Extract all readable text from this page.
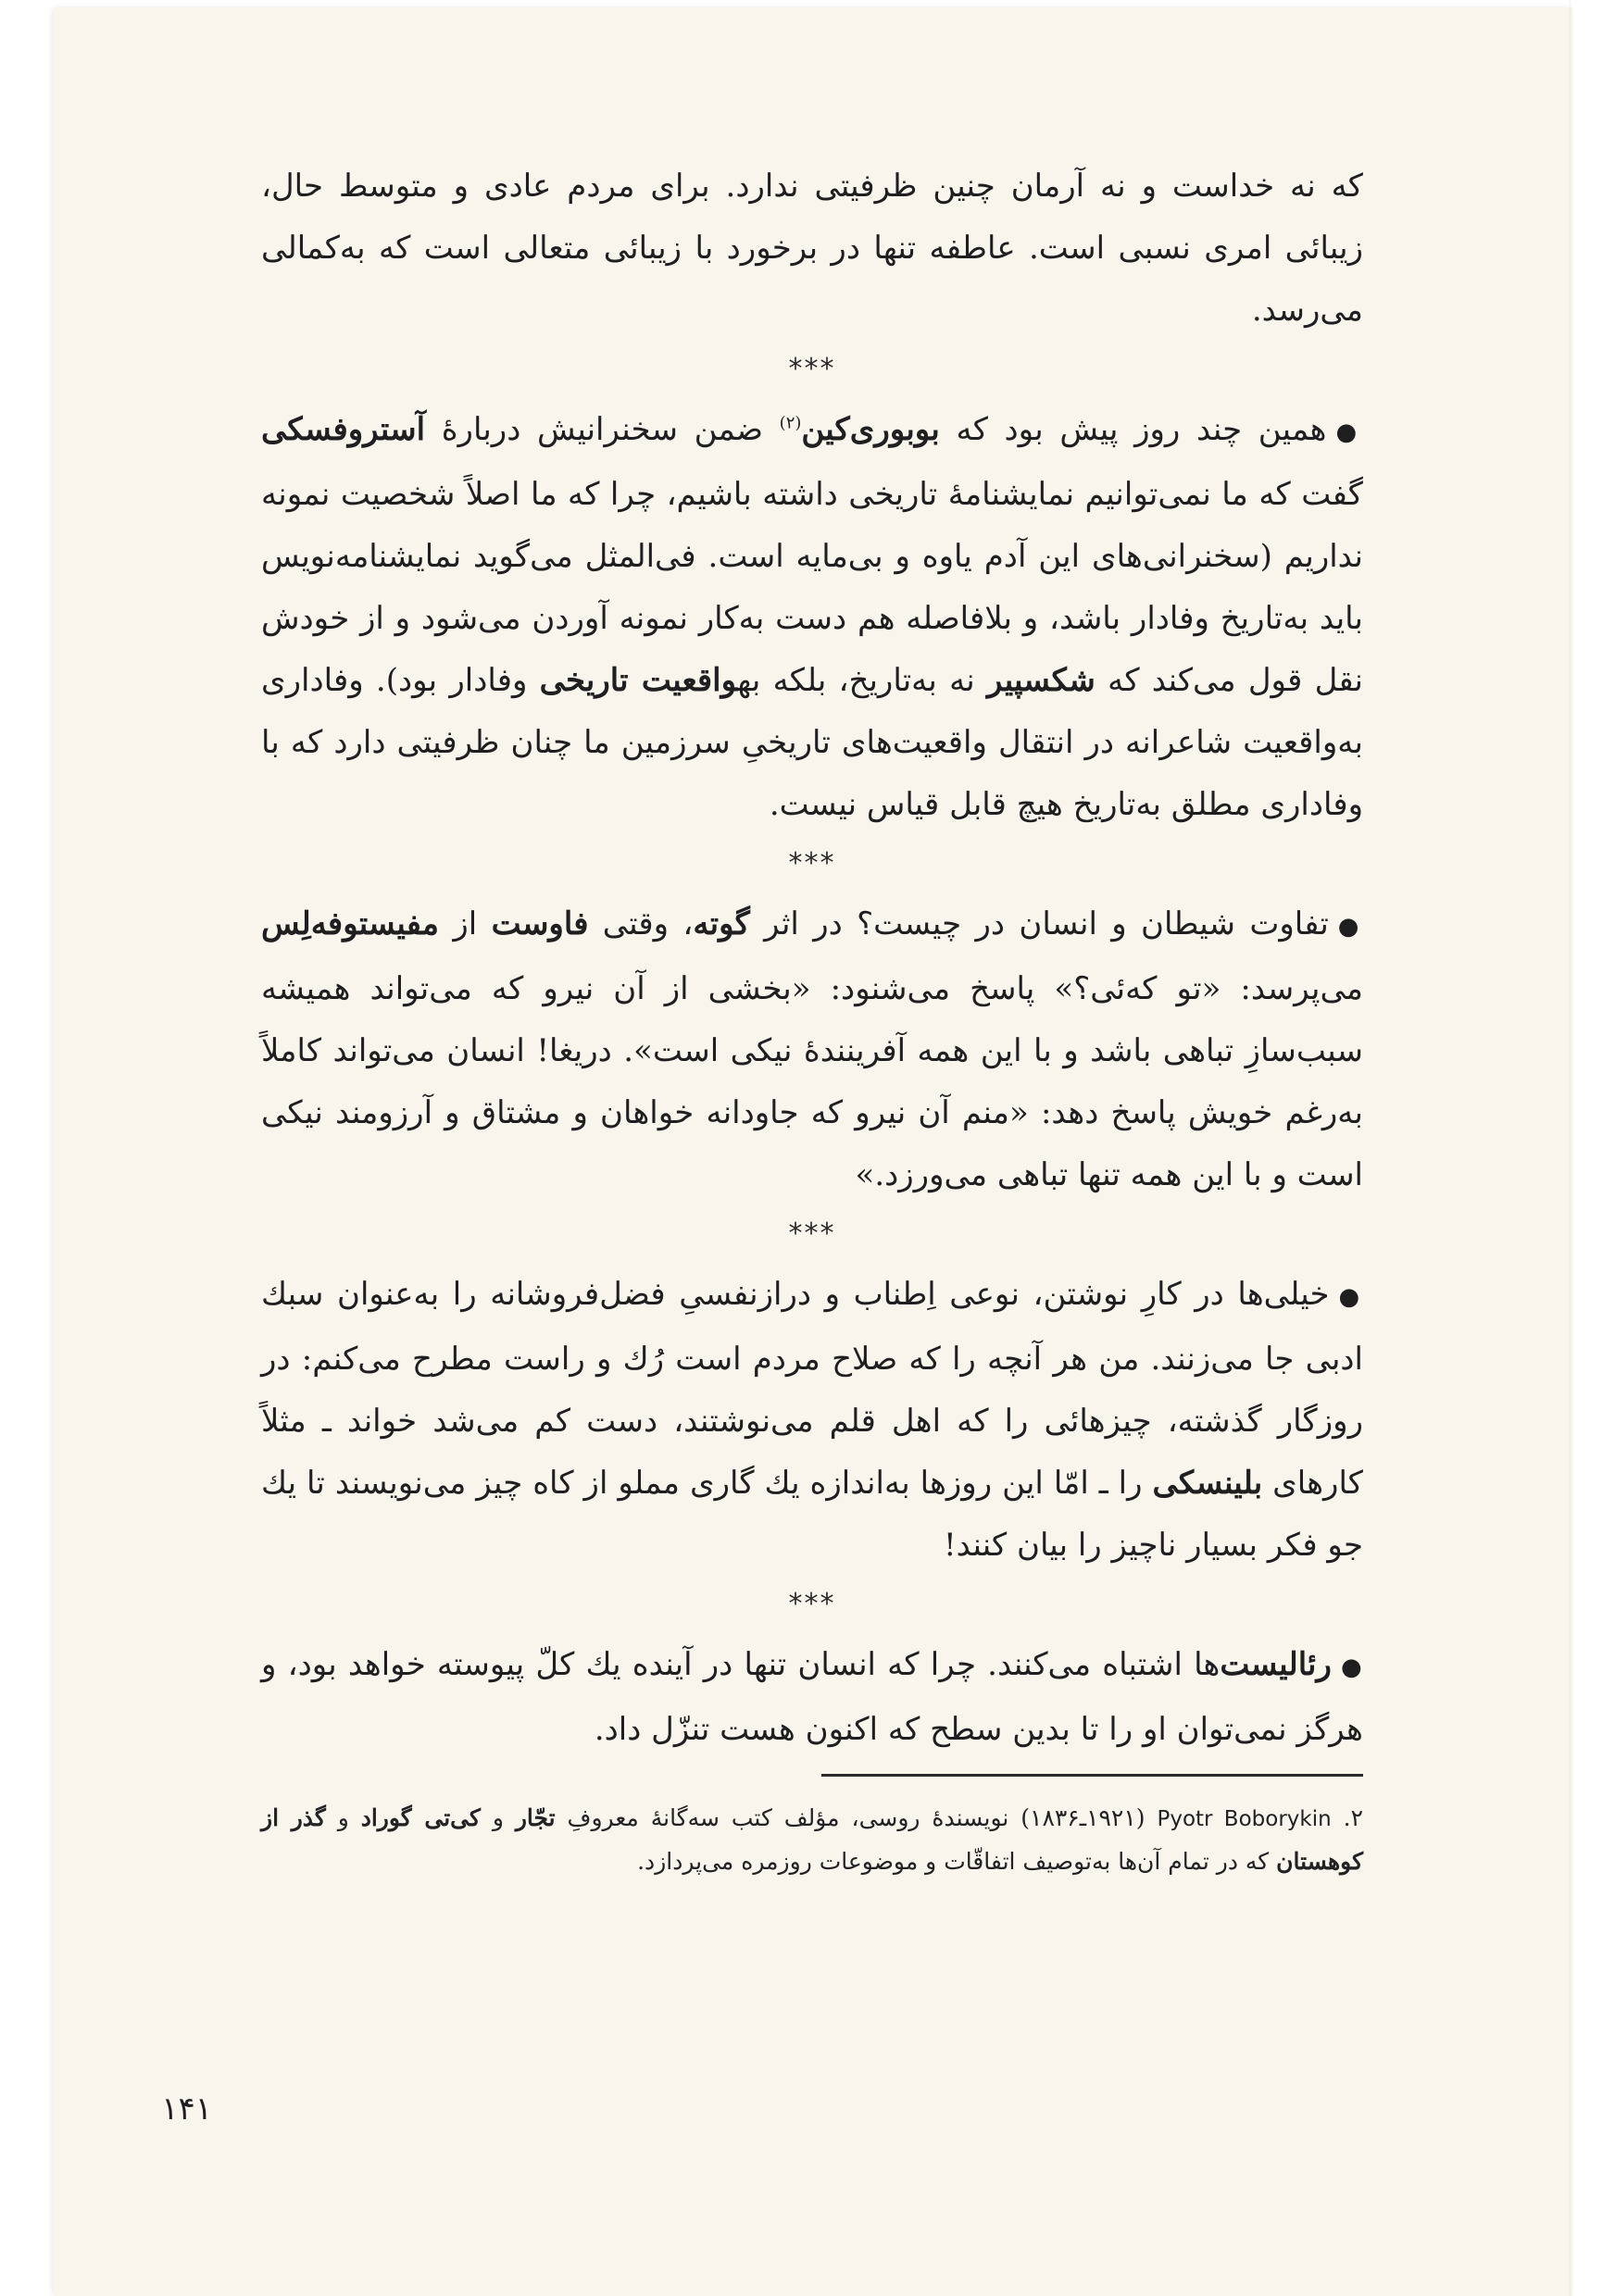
که نه خداست و نه آرمان چنین ظرفیتی ندارد. برای مردم عادی و متوسط حال، زیبائی امری نسبی است. عاطفه تنها در برخورد با زیبائی متعالی است که به‌کمالی می‌رسد.

***

●همین چند روز پیش بود که بوبوری‌کین$^{(۲)}$ ضمن سخنرانیش دربارهٔ آستروفسکی گفت که ما نمی‌توانیم نمایشنامهٔ تاریخی داشته باشیم، چرا که ما اصلاً شخصیت نمونه نداریم (سخنرانی‌های این آدم یاوه و بی‌مایه است. فی‌المثل می‌گوید نمایشنامه‌نویس باید به‌تاریخ وفادار باشد، و بلافاصله هم دست به‌کار نمونه آوردن می‌شود و از خودش نقل قول می‌کند که شکسپیر نه به‌تاریخ، بلکه بهواقعیت تاریخی وفادار بود). وفاداری به‌واقعیت شاعرانه در انتقال واقعیت‌های تاریخیِ سرزمین ما چنان ظرفیتی دارد که با وفاداری مطلق به‌تاریخ هیچ قابل قیاس نیست.

***

●تفاوت شیطان و انسان در چیست؟ در اثر گوته، وقتی فاوست از مفیستوفه‌لِس می‌پرسد: «تو که‌ئی؟» پاسخ می‌شنود: «بخشی از آن نیرو که می‌تواند همیشه سبب‌سازِ تباهی باشد و با این همه آفرینندهٔ نیکی است». دریغا! انسان می‌تواند کاملاً به‌رغم خویش پاسخ دهد: «منم آن نیرو که جاودانه خواهان و مشتاق و آرزومند نیکی است و با این همه تنها تباهی می‌ورزد.»

***

●خیلی‌ها در کارِ نوشتن، نوعی اِطناب و درازنفسیِ فضل‌فروشانه را به‌عنوان سبك ادبی جا می‌زنند. من هر آنچه را که صلاح مردم است رُك و راست مطرح می‌کنم: در روزگار گذشته، چیزهائی را که اهل قلم می‌نوشتند، دست کم می‌شد خواند ـ مثلاً کارهای بلینسکی را ـ امّا این روزها به‌اندازه یك گاری مملو از کاه چیز می‌نویسند تا یك جو فکر بسیار ناچیز را بیان کنند!

***

●رئالیست‌ها اشتباه می‌کنند. چرا که انسان تنها در آینده یك کلّ پیوسته خواهد بود، و هرگز نمی‌توان او را تا بدین سطح که اکنون هست تنزّل داد.

۲. Pyotr Boborykin (۱۹۲۱ـ۱۸۳۶) نویسندهٔ روسی، مؤلف کتب سه‌گانهٔ معروفِ تجّار و کی‌تی گوراد و گذر از کوهستان که در تمام آن‌ها به‌توصیف اتفاقّات و موضوعات روزمره می‌پردازد.

۱۴۱
